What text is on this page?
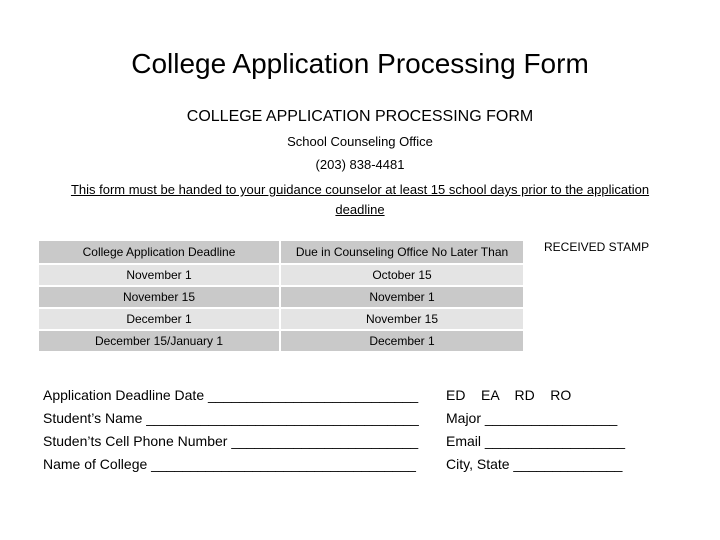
College Application Processing Form
COLLEGE APPLICATION PROCESSING FORM
School Counseling Office
(203) 838-4481
This form must be handed to your guidance counselor at least 15 school days prior to the application deadline
College Application Deadline	Due in Counseling Office No Later Than
November 1	October 15
November 15	November 1
December 1	November 15
December 15/January 1	December 1
RECEIVED STAMP
Application Deadline Date ___________________________
Student’s Name ___________________________________
Studen’ts Cell Phone Number ________________________
Name of College __________________________________
ED    EA    RD    RO
Major _________________
Email __________________
City, State ______________
